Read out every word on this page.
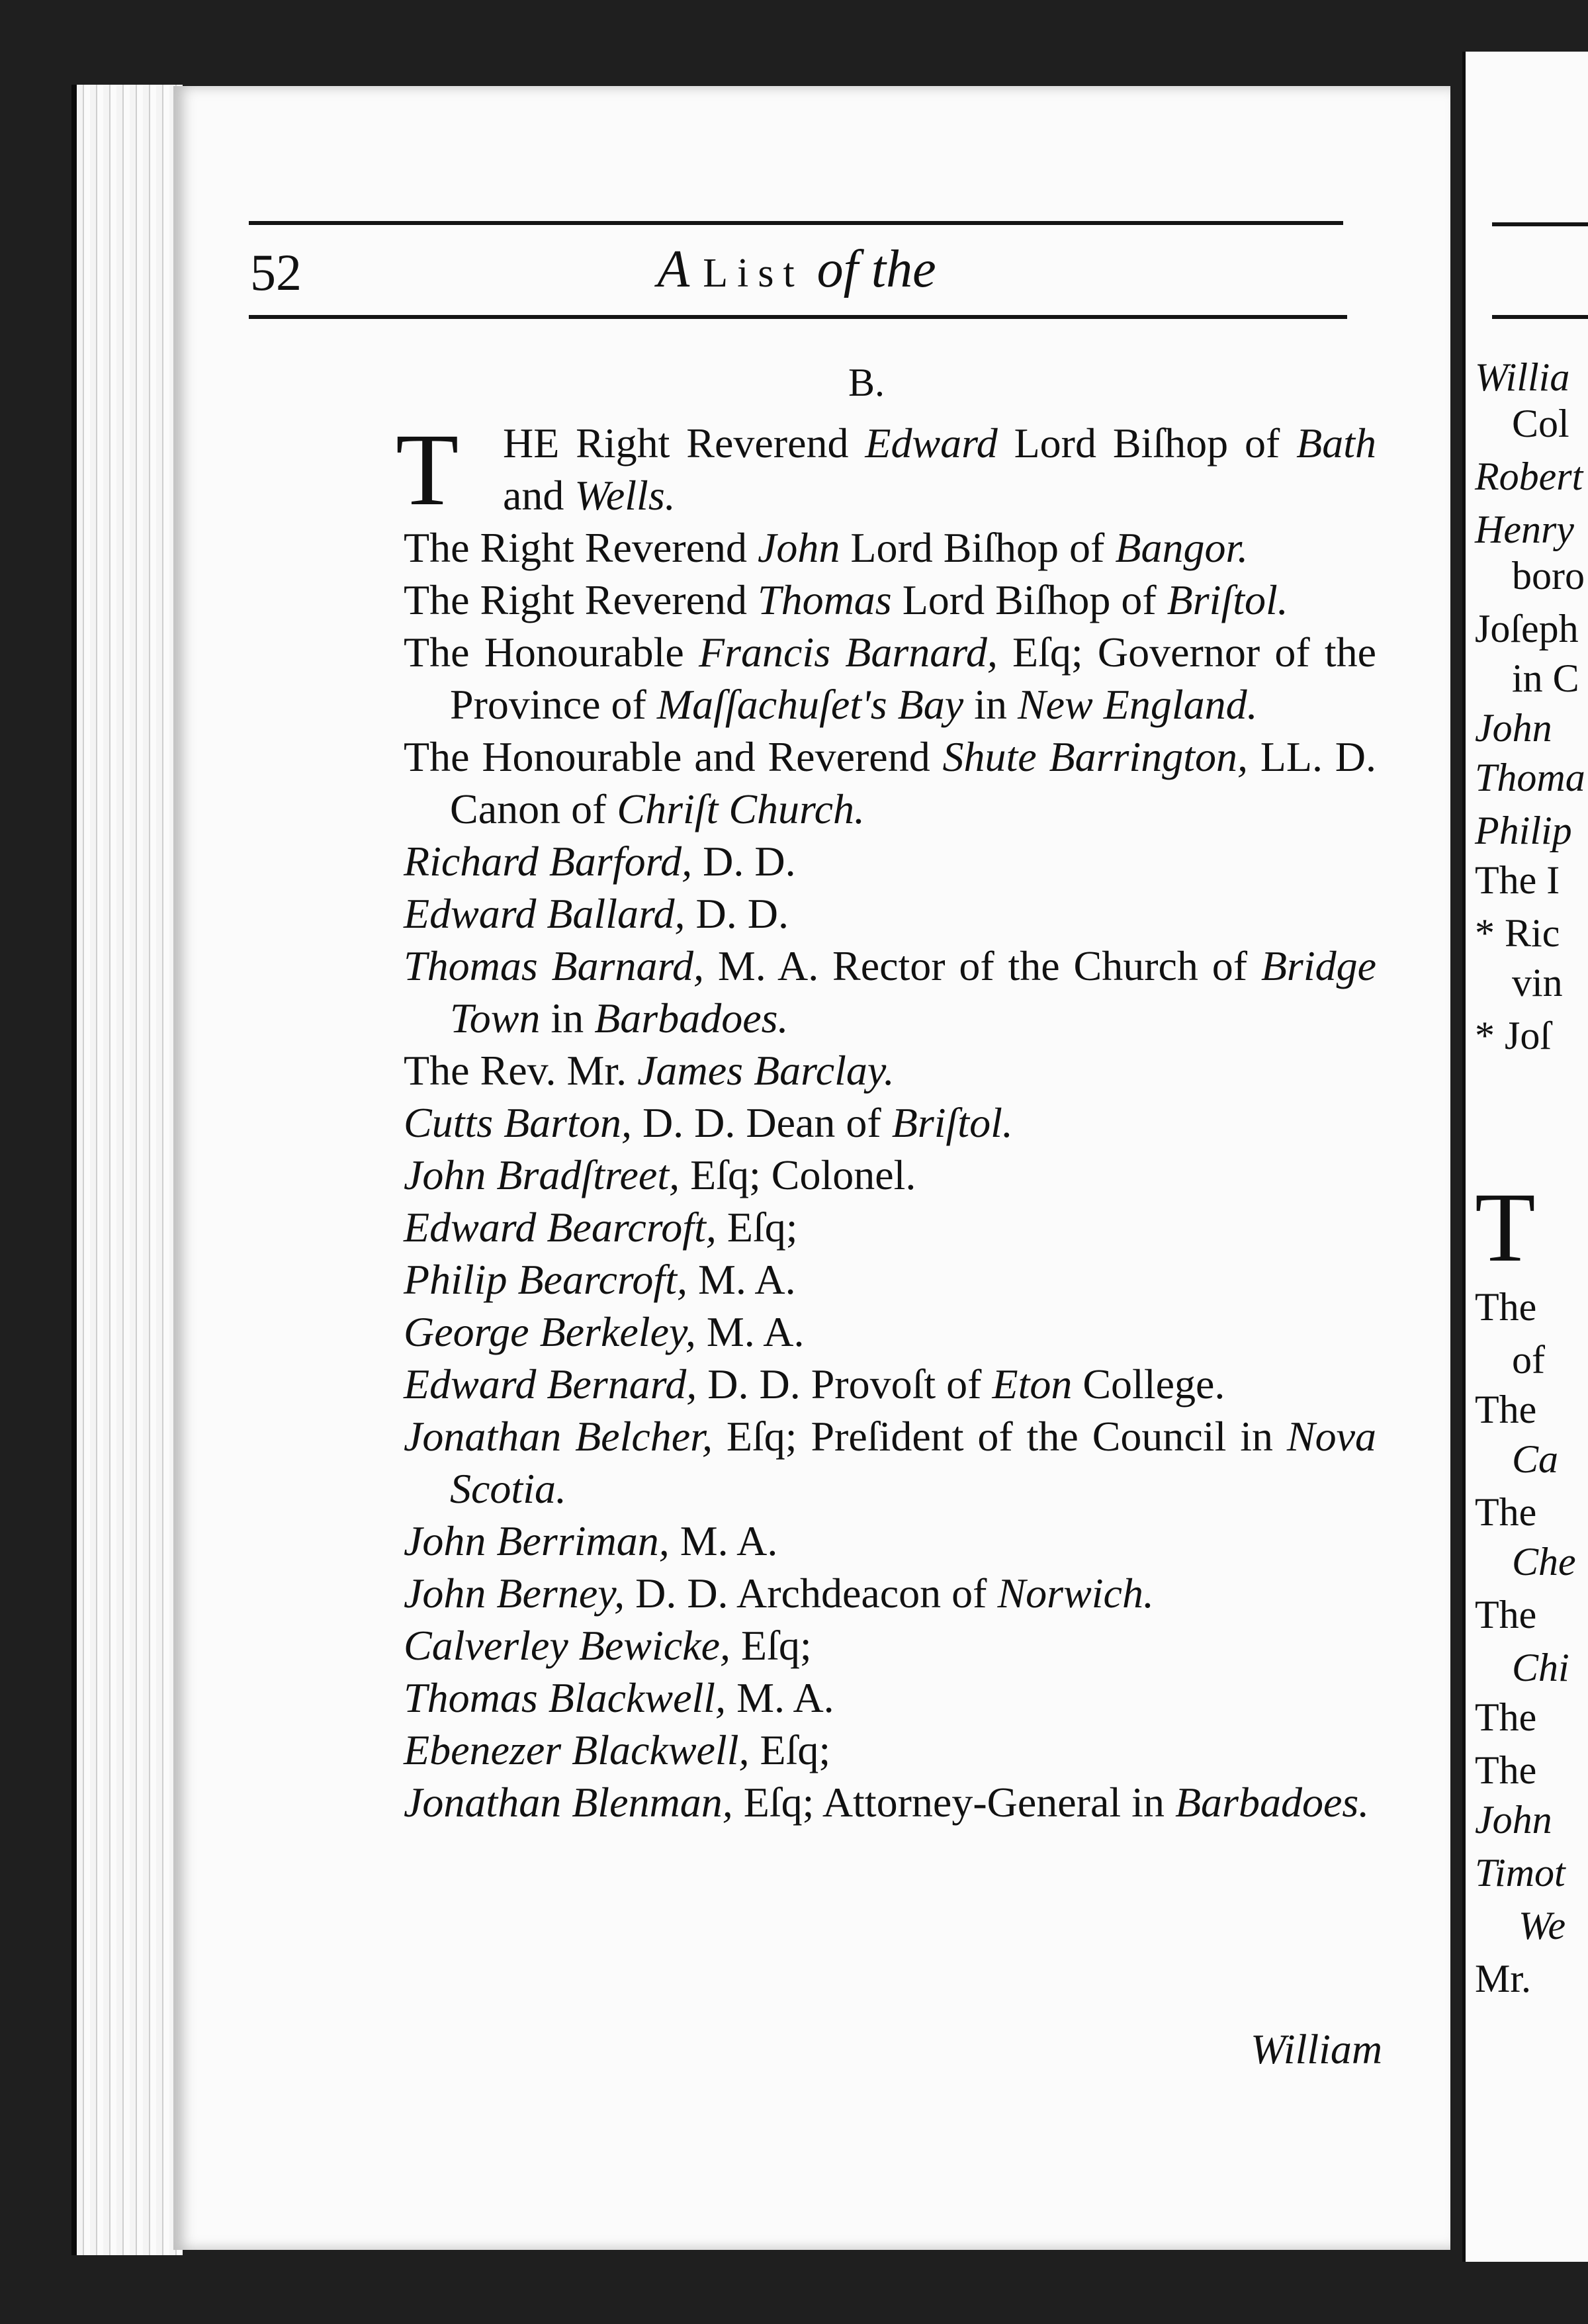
Willia
Col
Robert
Henry
boro
Joſeph
in C
John
Thoma
Philip
The I
* Ric
vin
* Joſ
T
The
of
The
Ca
The
Che
The
Chi
The
The
John
Timot
We
Mr.
52	A List of the
B.

T HE Right Reverend Edward Lord Biſhop of Bath and Wells.

The Right Reverend John Lord Biſhop of Bangor.

The Right Reverend Thomas Lord Biſhop of Briſtol.

The Honourable Francis Barnard, Eſq; Governor of the Province of Maſſachuſet's Bay in New England.

The Honourable and Reverend Shute Barrington, LL. D. Canon of Chriſt Church.

Richard Barford, D. D.

Edward Ballard, D. D.

Thomas Barnard, M. A. Rector of the Church of Bridge Town in Barbadoes.

The Rev. Mr. James Barclay.

Cutts Barton, D. D. Dean of Briſtol.

John Bradſtreet, Eſq; Colonel.

Edward Bearcroft, Eſq;

Philip Bearcroft, M. A.

George Berkeley, M. A.

Edward Bernard, D. D. Provoſt of Eton College.

Jonathan Belcher, Eſq; Preſident of the Council in Nova Scotia.

John Berriman, M. A.

John Berney, D. D. Archdeacon of Norwich.

Calverley Bewicke, Eſq;

Thomas Blackwell, M. A.

Ebenezer Blackwell, Eſq;

Jonathan Blenman, Eſq; Attorney-General in Barbadoes.

William
